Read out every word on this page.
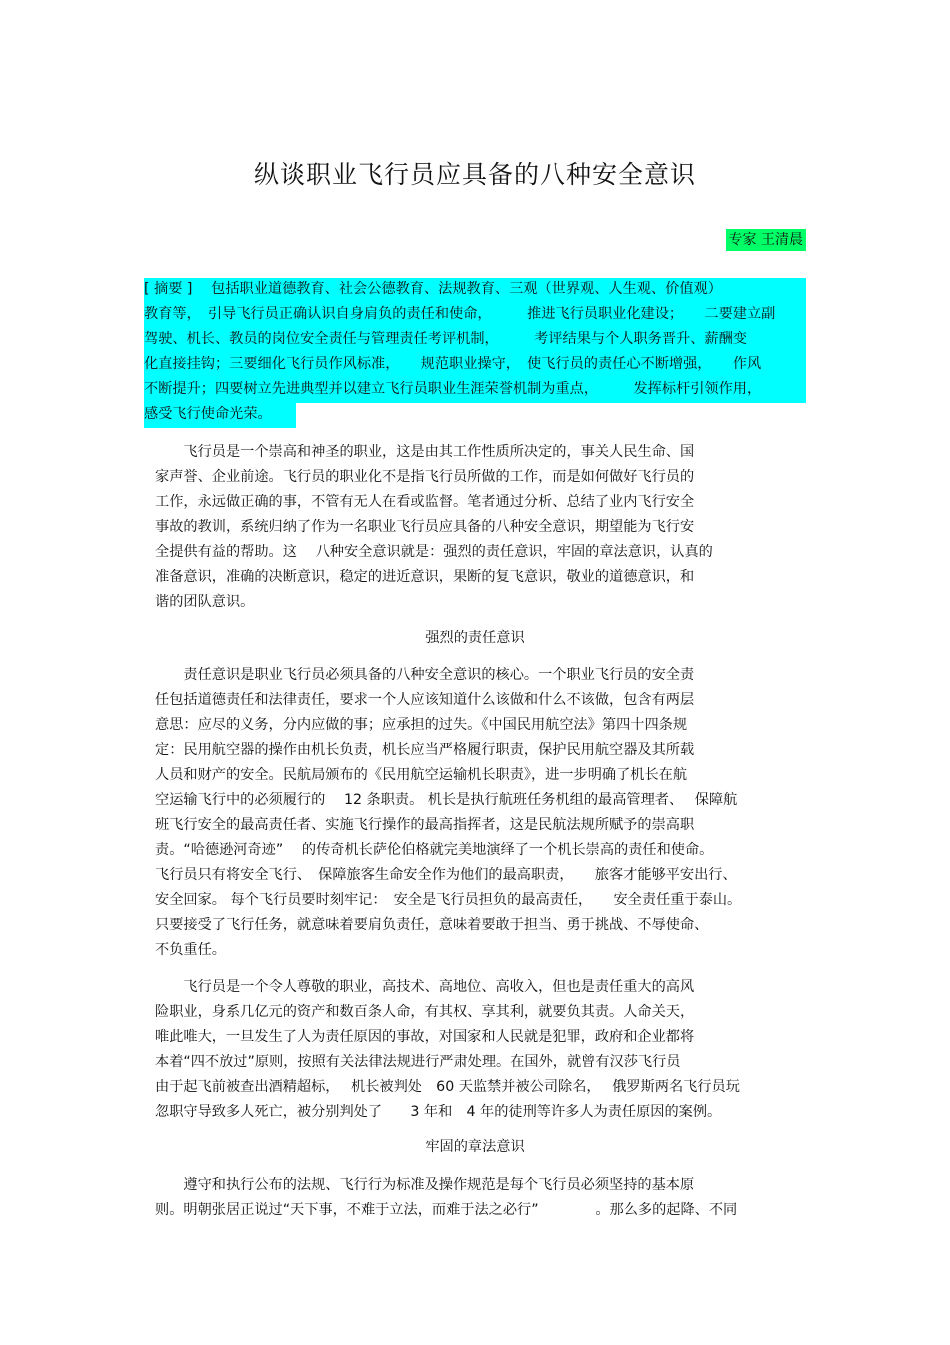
纵谈职业飞行员应具备的八种安全意识
专家 王清晨
[ 摘要 ]　 包括职业道德教育、社会公德教育、法规教育、三观（世界观、人生观、价值观）
教育等，　引导飞行员正确认识自身肩负的责任和使命，　　　推进飞行员职业化建设；　　二要建立副
驾驶、机长、教员的岗位安全责任与管理责任考评机制，　　　考评结果与个人职务晋升、薪酬变
化直接挂钩；三要细化飞行员作风标准，　　规范职业操守，　使飞行员的责任心不断增强，　　作风
不断提升；四要树立先进典型并以建立飞行员职业生涯荣誉机制为重点，　　　发挥标杆引领作用，
感受飞行使命光荣。
　　飞行员是一个崇高和神圣的职业，这是由其工作性质所决定的，事关人民生命、国
家声誉、企业前途。飞行员的职业化不是指飞行员所做的工作，而是如何做好飞行员的
工作，永远做正确的事，不管有无人在看或监督。笔者通过分析、总结了业内飞行安全
事故的教训，系统归纳了作为一名职业飞行员应具备的八种安全意识，期望能为飞行安
全提供有益的帮助。这　 八种安全意识就是：强烈的责任意识，牢固的章法意识，认真的
准备意识，准确的决断意识，稳定的进近意识，果断的复飞意识，敬业的道德意识，和
谐的团队意识。
强烈的责任意识
　　责任意识是职业飞行员必须具备的八种安全意识的核心。一个职业飞行员的安全责
任包括道德责任和法律责任，要求一个人应该知道什么该做和什么不该做，包含有两层
意思：应尽的义务，分内应做的事；应承担的过失。《中国民用航空法》第四十四条规
定：民用航空器的操作由机长负责，机长应当严格履行职责，保护民用航空器及其所载
人员和财产的安全。民航局颁布的《民用航空运输机长职责》，进一步明确了机长在航
空运输飞行中的必须履行的　 12 条职责。 机长是执行航班任务机组的最高管理者、　 保障航
班飞行安全的最高责任者、实施飞行操作的最高指挥者，这是民航法规所赋予的崇高职
责。“哈德逊河奇迹”　 的传奇机长萨伦伯格就完美地演绎了一个机长崇高的责任和使命。
飞行员只有将安全飞行、　保障旅客生命安全作为他们的最高职责，　　旅客才能够平安出行、
安全回家。 每个飞行员要时刻牢记：　安全是飞行员担负的最高责任，　　安全责任重于泰山。
只要接受了飞行任务，就意味着要肩负责任，意味着要敢于担当、勇于挑战、不辱使命、
不负重任。
　　飞行员是一个令人尊敬的职业，高技术、高地位、高收入，但也是责任重大的高风
险职业，身系几亿元的资产和数百条人命，有其权、享其利，就要负其责。人命关天，
唯此唯大，一旦发生了人为责任原因的事故，对国家和人民就是犯罪，政府和企业都将
本着“四不放过”原则，按照有关法律法规进行严肃处理。在国外，就曾有汉莎飞行员
由于起飞前被查出酒精超标，　 机长被判处　60 天监禁并被公司除名，　 俄罗斯两名飞行员玩
忽职守导致多人死亡，被分别判处了　　3 年和　4 年的徒刑等许多人为责任原因的案例。
牢固的章法意识
　　遵守和执行公布的法规、飞行行为标准及操作规范是每个飞行员必须坚持的基本原
则。明朝张居正说过“天下事，不难于立法，而难于法之必行”　　　　。那么多的起降、不同
